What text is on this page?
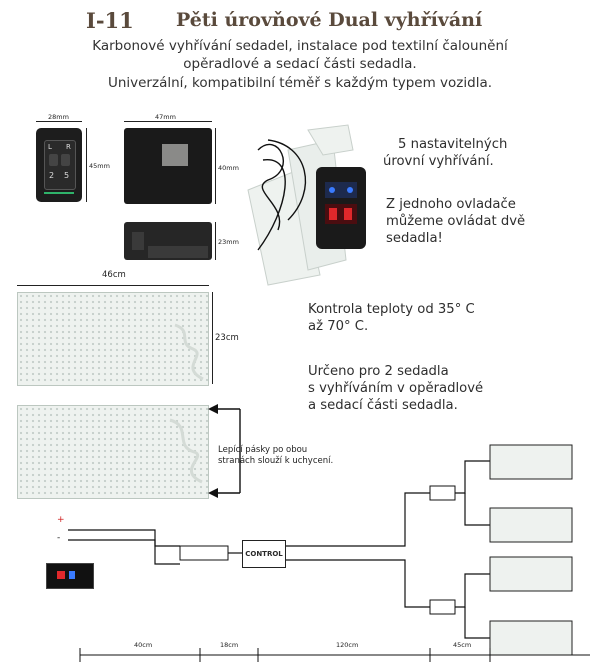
I-11 Pěti úrovňové Dual vyhřívání
Karbonové vyhřívání sedadel, instalace pod textilní čalounění
opěradlové a sedací části sedadla.
Univerzální, kompatibilní téměř s každým typem vozidla.
28mm
L R
2 5
45mm
47mm
40mm
23mm
5 nastavitelných
úrovní vyhřívání.
Z jednoho ovladače
můžeme ovládat dvě
sedadla!
Kontrola teploty od 35° C
až 70° C.
Určeno pro 2 sedadla
s vyhříváním v opěradlové
a sedací části sedadla.
46cm
23cm
Lepící pásky po obou
stranách slouží k uchycení.
+
-
CONTROL
40cm	18cm	120cm	45cm
